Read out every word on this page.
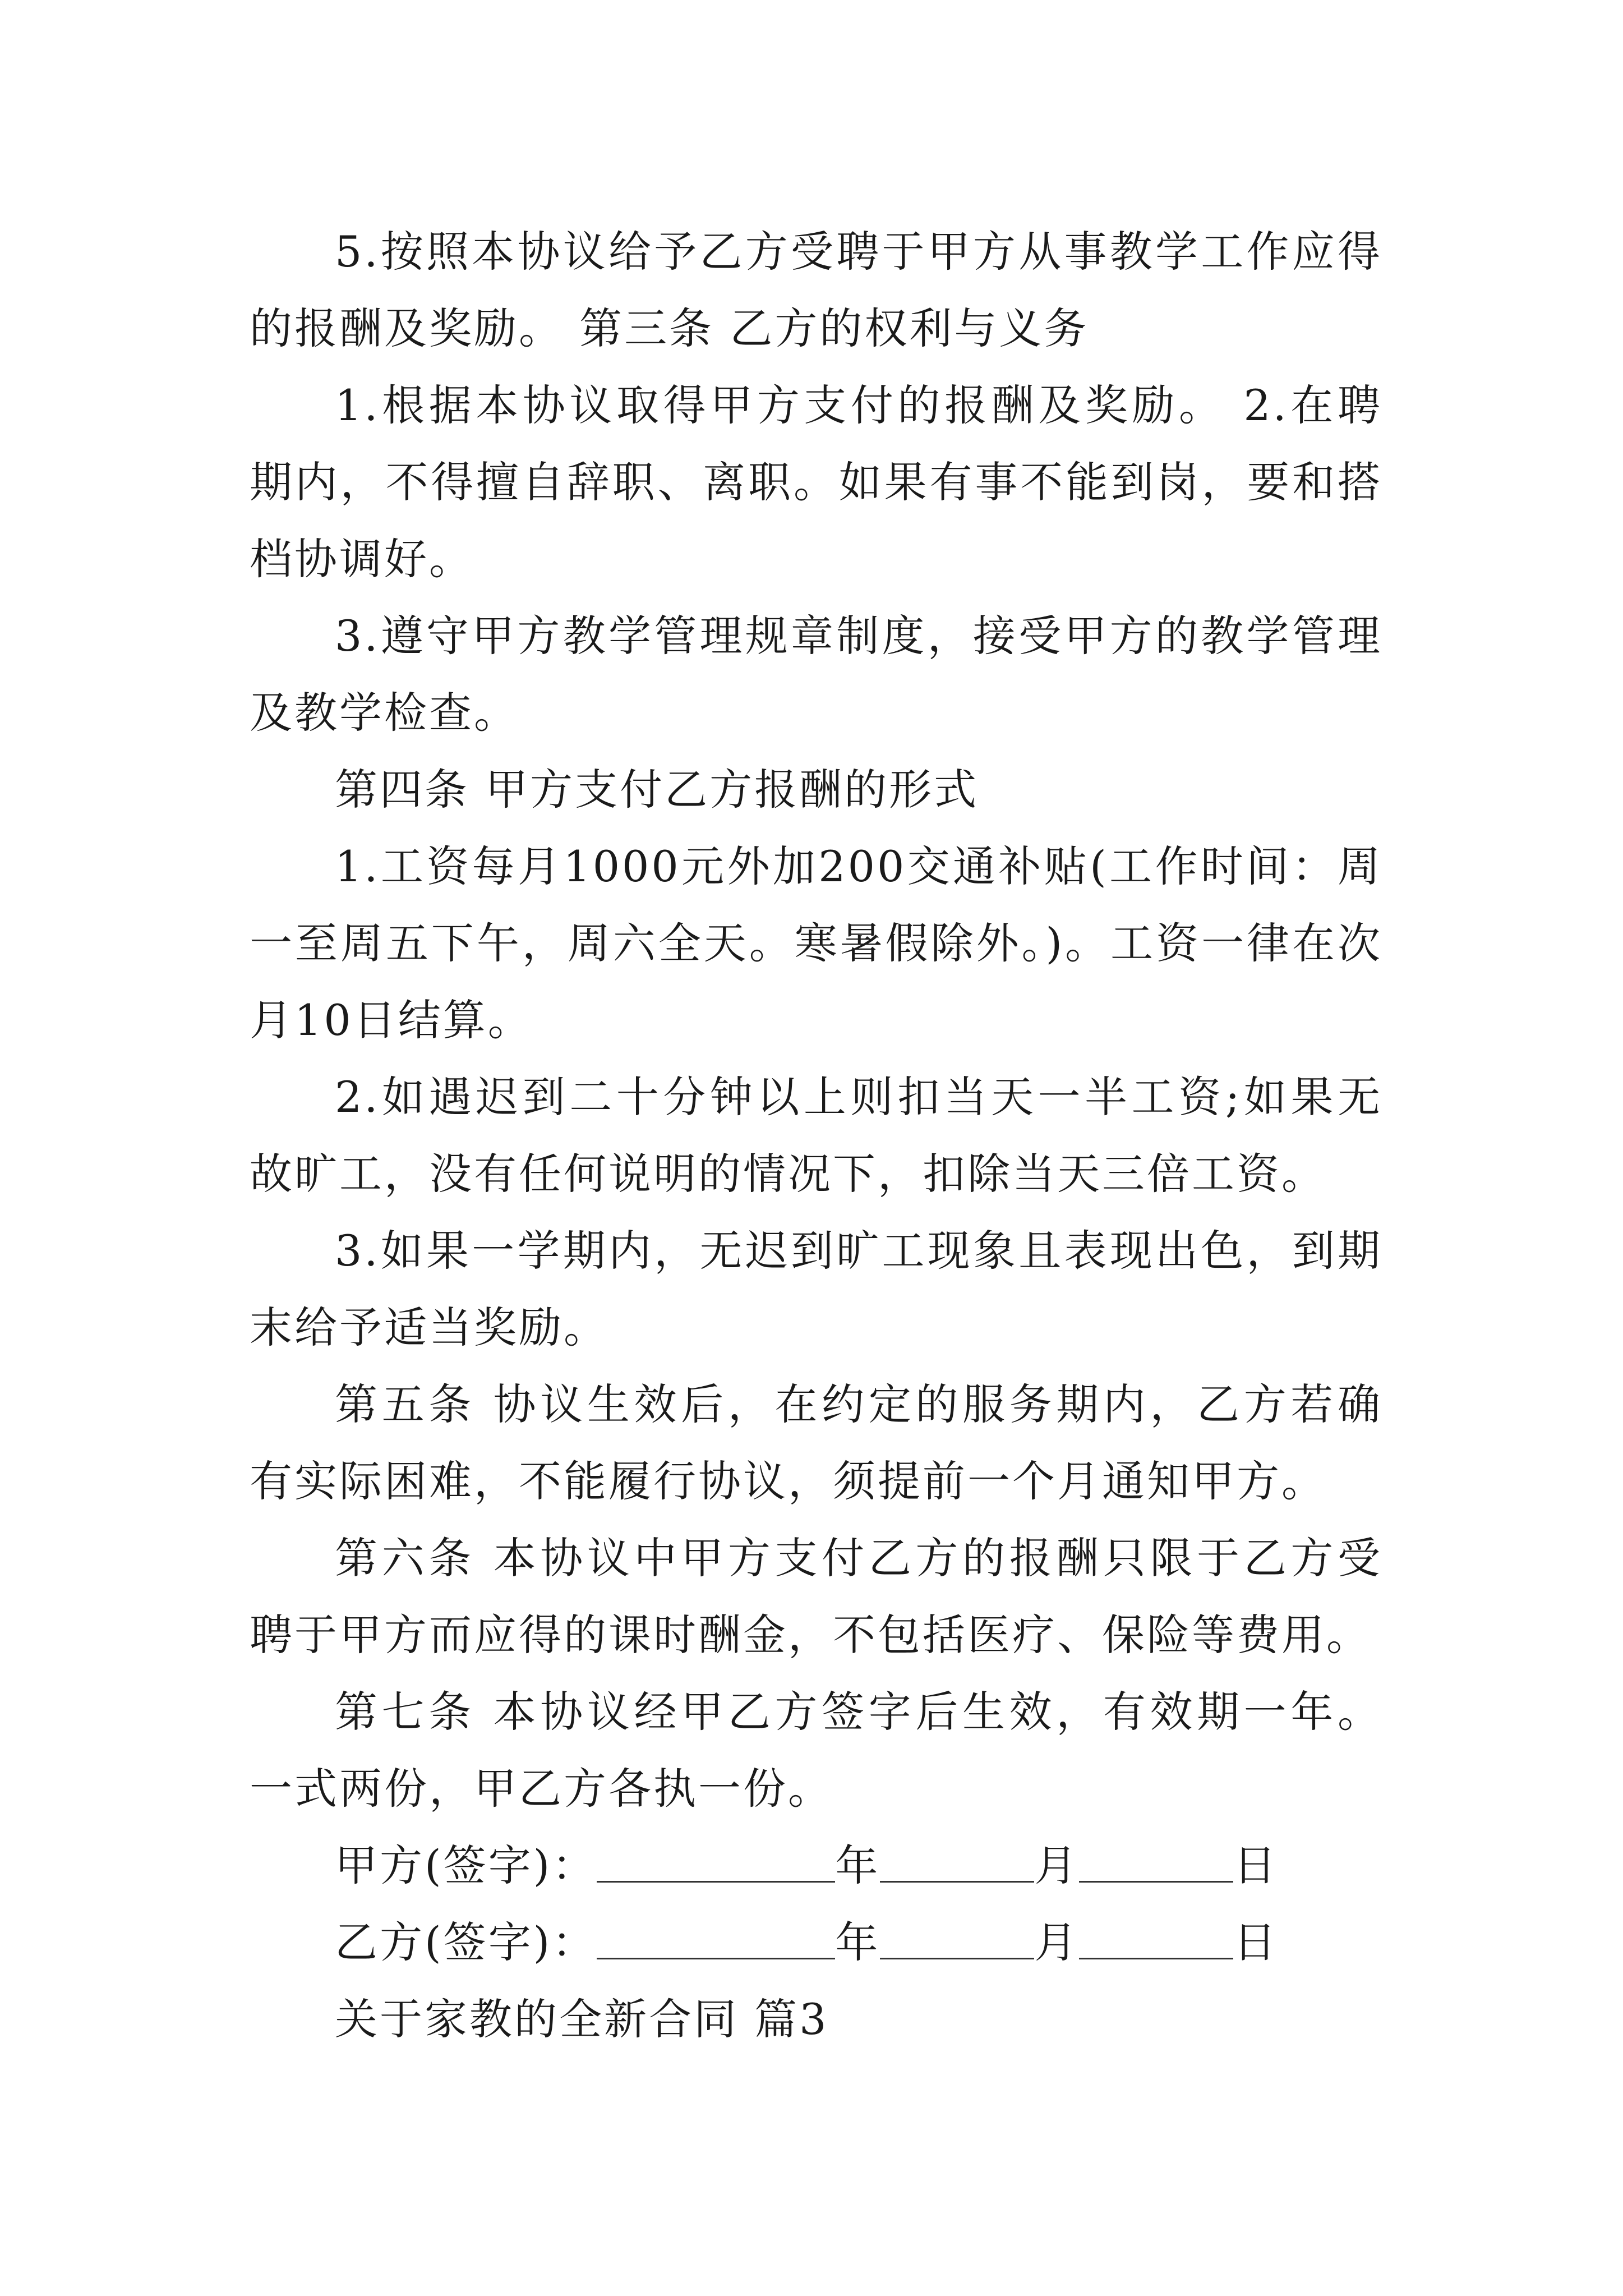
5.按照本协议给予乙方受聘于甲方从事教学工作应得的报酬及奖励。 第三条 乙方的权利与义务

1.根据本协议取得甲方支付的报酬及奖励。 2.在聘期内，不得擅自辞职、离职。如果有事不能到岗，要和搭档协调好。

3.遵守甲方教学管理规章制度，接受甲方的教学管理及教学检查。

第四条 甲方支付乙方报酬的形式

1.工资每月1000元外加200交通补贴(工作时间：周一至周五下午，周六全天。寒暑假除外。)。工资一律在次月10日结算。

2.如遇迟到二十分钟以上则扣当天一半工资;如果无故旷工，没有任何说明的情况下，扣除当天三倍工资。

3.如果一学期内，无迟到旷工现象且表现出色，到期末给予适当奖励。

第五条 协议生效后，在约定的服务期内，乙方若确有实际困难，不能履行协议，须提前一个月通知甲方。

第六条 本协议中甲方支付乙方的报酬只限于乙方受聘于甲方而应得的课时酬金，不包括医疗、保险等费用。

第七条 本协议经甲乙方签字后生效，有效期一年。一式两份，甲乙方各执一份。

甲方(签字)：	年	月	日
乙方(签字)：	年	月	日

关于家教的全新合同 篇3
